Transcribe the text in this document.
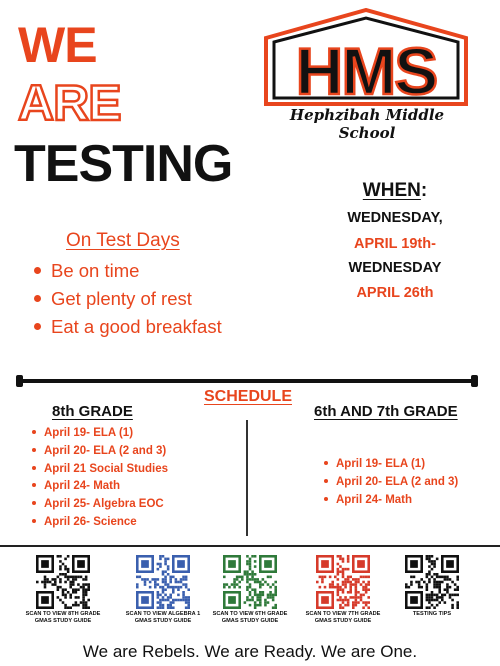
WE
ARE
TESTING
HMS
Hephzibah Middle School
WHEN:
WEDNESDAY,
APRIL 19th-
WEDNESDAY
APRIL 26th
On Test Days
Be on time
Get plenty of rest
Eat a good breakfast
SCHEDULE
8th GRADE	6th AND 7th GRADE
April 19- ELA (1)
April 20- ELA (2 and 3)
April 21 Social Studies
April 24- Math
April 25- Algebra EOC
April 26- Science
April 19- ELA (1)
April 20- ELA (2 and 3)
April 24- Math
SCAN TO VIEW 8TH GRADE GMAS STUDY GUIDE
SCAN TO VIEW ALGEBRA 1 GMAS STUDY GUIDE
SCAN TO VIEW 6TH GRADE GMAS STUDY GUIDE
SCAN TO VIEW 7TH GRADE GMAS STUDY GUIDE
TESTING TIPS
We are Rebels. We are Ready. We are One.
